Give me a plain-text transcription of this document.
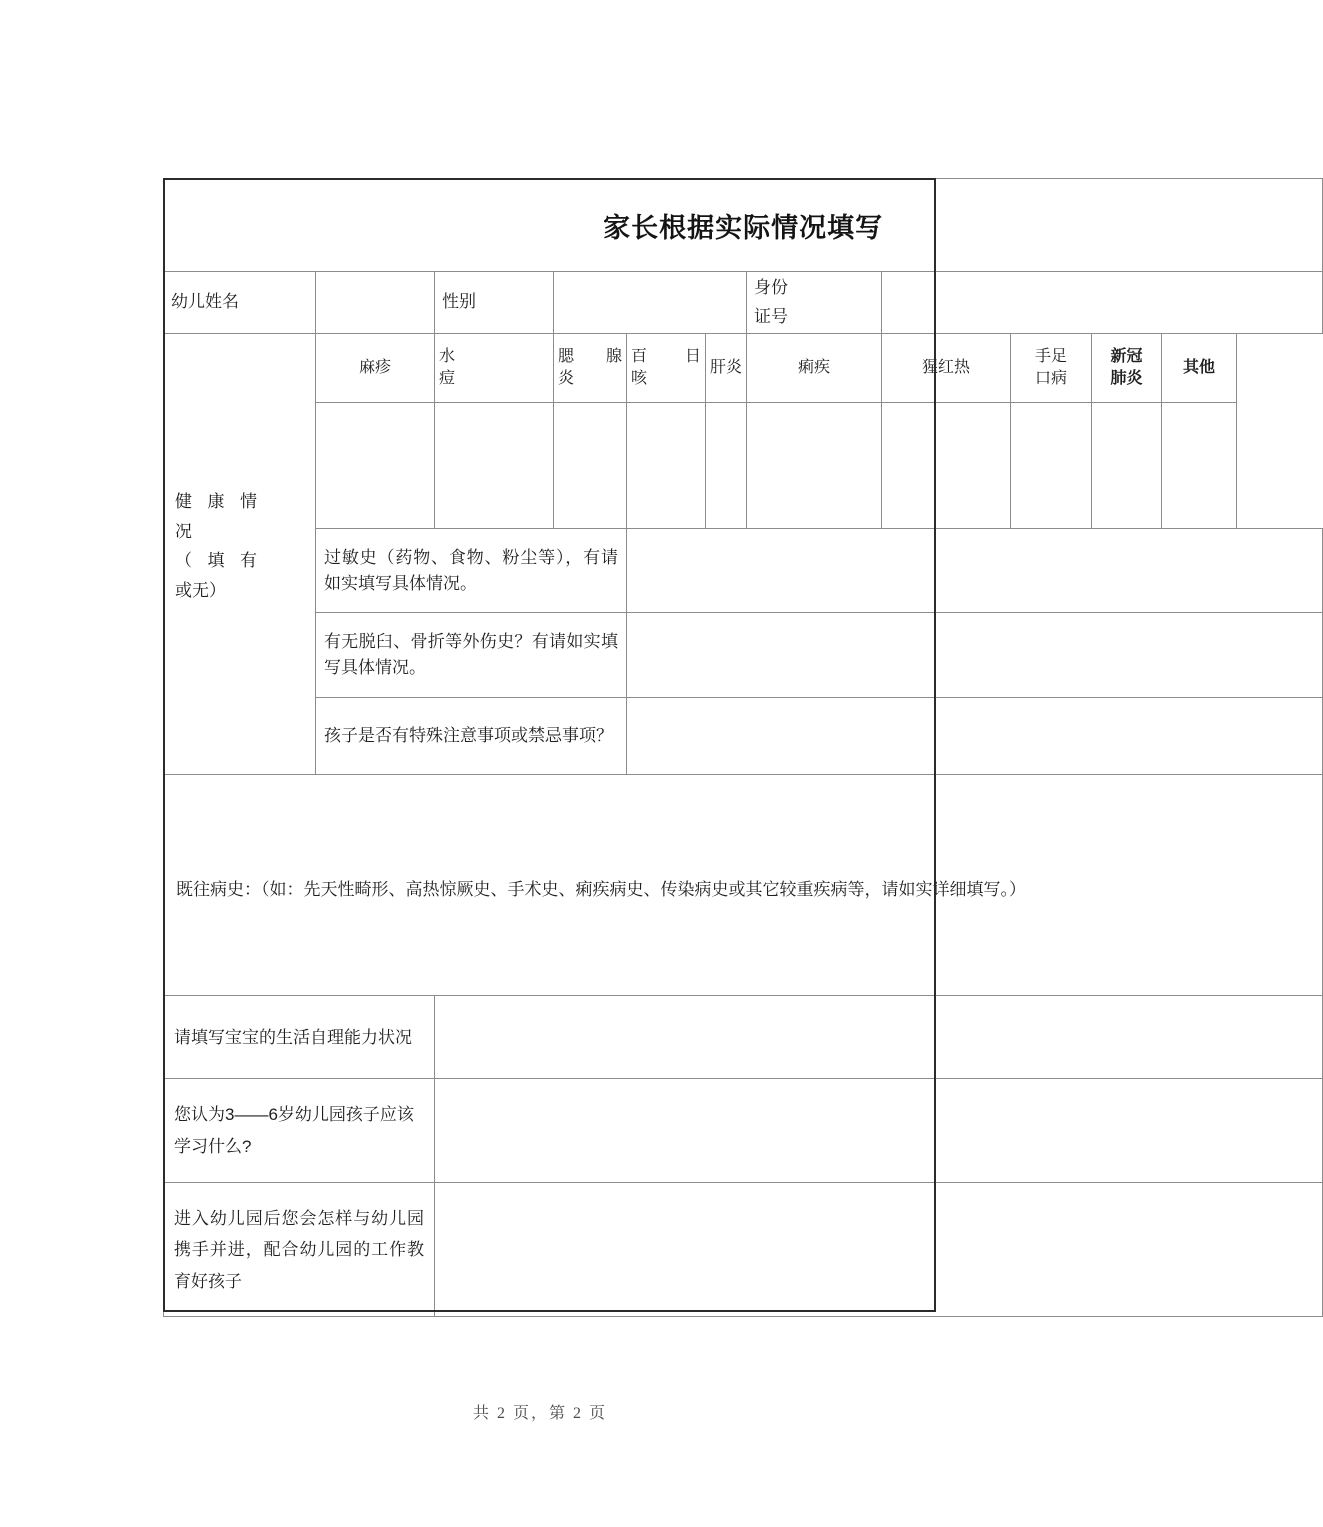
家长根据实际情况填写										

幼儿姓名		性别				身份
证号				

健康情
况
（填有
或无）	麻疹	水
痘	腮 腺
炎	百 日
咳	肝炎	痢疾	猩红热	手足
口病	新冠
肺炎	其他

	过敏史（药物、食物、粉尘等），有请如实填写具体情况。									

	有无脱臼、骨折等外伤史？有请如实填写具体情况。									

	孩子是否有特殊注意事项或禁忌事项？									

既往病史：（如：先天性畸形、高热惊厥史、手术史、痢疾病史、传染病史或其它较重疾病等，请如实详细填写。）										

请填写宝宝的生活自理能力状况										

您认为3——6岁幼儿园孩子应该学习什么?										

进入幼儿园后您会怎样与幼儿园携手并进，配合幼儿园的工作教育好孩子										

共 2 页，第 2 页
